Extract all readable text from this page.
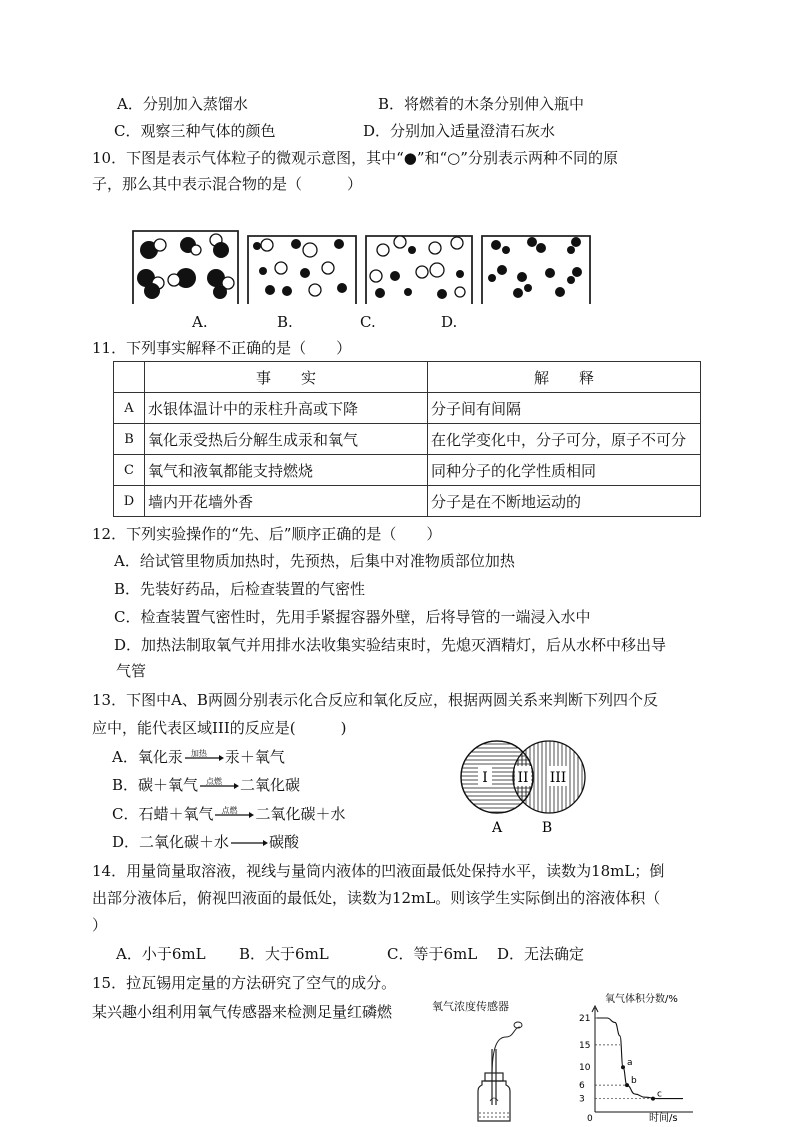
A．分别加入蒸馏水	B．将燃着的木条分别伸入瓶中
C．观察三种气体的颜色	D．分别加入适量澄清石灰水
10．下图是表示气体粒子的微观示意图，其中“●”和“○”分别表示两种不同的原
子，那么其中表示混合物的是（　　　）
A.	B.	C.	D.
11．下列事实解释不正确的是（　　）
	事　　实	解　　释
A	水银体温计中的汞柱升高或下降	分子间有间隔
B	氧化汞受热后分解生成汞和氧气	在化学变化中，分子可分，原子不可分
C	氧气和液氧都能支持燃烧	同种分子的化学性质相同
D	墙内开花墙外香	分子是在不断地运动的
12．下列实验操作的“先、后”顺序正确的是（　　）
A．给试管里物质加热时，先预热，后集中对准物质部位加热
B．先装好药品，后检查装置的气密性
C．检查装置气密性时，先用手紧握容器外壁，后将导管的一端浸入水中
D．加热法制取氧气并用排水法收集实验结束时，先熄灭酒精灯，后从水杯中移出导
气管
13．下图中A、B两圆分别表示化合反应和氧化反应，根据两圆关系来判断下列四个反
应中，能代表区域III的反应是(　　　)
A．氧化汞 加热 汞＋氧气
B．碳＋氧气 点燃 二氧化碳
C．石蜡＋氧气 点燃 二氧化碳＋水
D．二氧化碳＋水→碳酸
I II III
A	B
14．用量筒量取溶液，视线与量筒内液体的凹液面最低处保持水平，读数为18mL；倒
出部分液体后，俯视凹液面的最低处，读数为12mL。则该学生实际倒出的溶液体积（
）
A．小于6mL B．大于6mL	C．等于6mL D．无法确定
15．拉瓦锡用定量的方法研究了空气的成分。
某兴趣小组利用氧气传感器来检测足量红磷燃	氧气浓度传感器
氧气体积分数/%
0	时间/s
21
15
10
6
3
a
b
c
